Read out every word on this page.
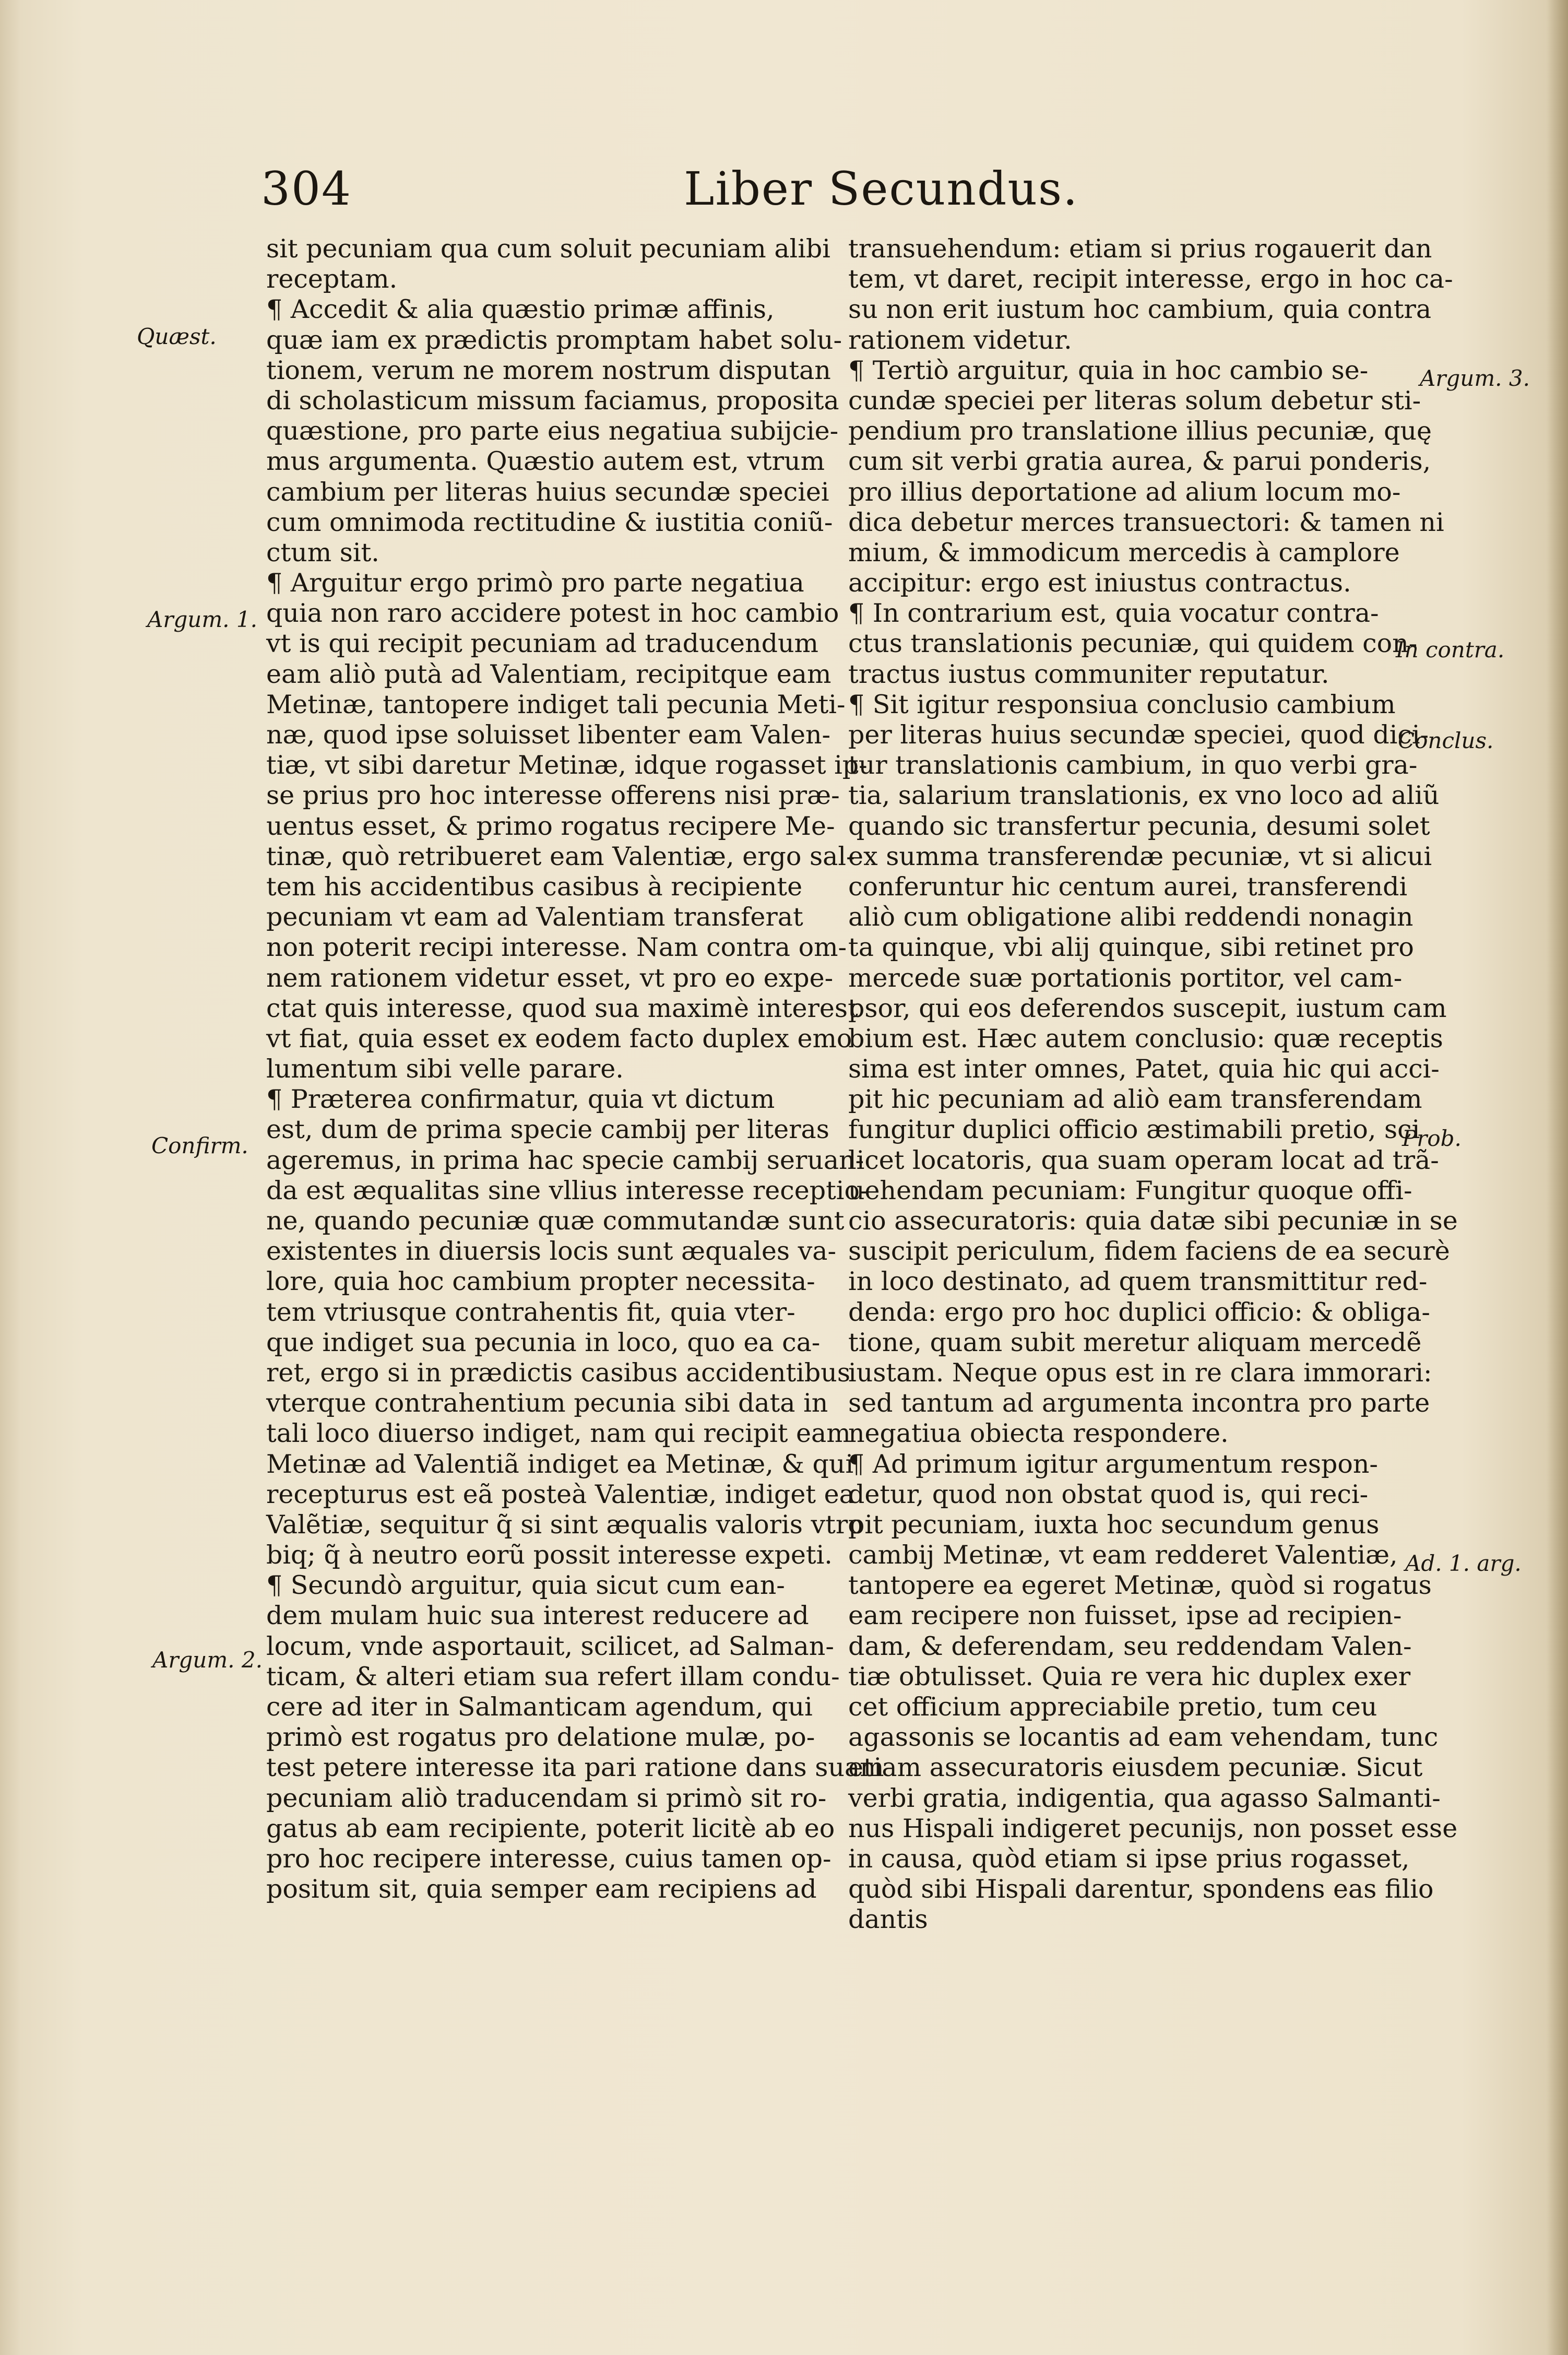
304	Liber Secundus.
sit pecuniam qua cum soluit pecuniam alibi
receptam.
¶ Accedit & alia quæstio primæ affinis,
quæ iam ex prædictis promptam habet solu-
tionem, verum ne morem nostrum disputan
di scholasticum missum faciamus, proposita
quæstione, pro parte eius negatiua subijcie-
mus argumenta. Quæstio autem est, vtrum
cambium per literas huius secundæ speciei
cum omnimoda rectitudine & iustitia coniũ-
ctum sit.
¶ Arguitur ergo primò pro parte negatiua
quia non raro accidere potest in hoc cambio
vt is qui recipit pecuniam ad traducendum
eam aliò putà ad Valentiam, recipitque eam
Metinæ, tantopere indiget tali pecunia Meti-
næ, quod ipse soluisset libenter eam Valen-
tiæ, vt sibi daretur Metinæ, idque rogasset ip-
se prius pro hoc interesse offerens nisi præ-
uentus esset, & primo rogatus recipere Me-
tinæ, quò retribueret eam Valentiæ, ergo sal-
tem his accidentibus casibus à recipiente
pecuniam vt eam ad Valentiam transferat
non poterit recipi interesse. Nam contra om-
nem rationem videtur esset, vt pro eo expe-
ctat quis interesse, quod sua maximè interest
vt fiat, quia esset ex eodem facto duplex emo
lumentum sibi velle parare.
¶ Præterea confirmatur, quia vt dictum
est, dum de prima specie cambij per literas
ageremus, in prima hac specie cambij seruan-
da est æqualitas sine vllius interesse receptio-
ne, quando pecuniæ quæ commutandæ sunt
existentes in diuersis locis sunt æquales va-
lore, quia hoc cambium propter necessita-
tem vtriusque contrahentis fit, quia vter-
que indiget sua pecunia in loco, quo ea ca-
ret, ergo si in prædictis casibus accidentibus
vterque contrahentium pecunia sibi data in
tali loco diuerso indiget, nam qui recipit eam
Metinæ ad Valentiã indiget ea Metinæ, & qui
recepturus est eã posteà Valentiæ, indiget ea
Valẽtiæ, sequitur q̃ si sint æqualis valoris vtro
biq; q̃ à neutro eorũ possit interesse expeti.
¶ Secundò arguitur, quia sicut cum ean-
dem mulam huic sua interest reducere ad
locum, vnde asportauit, scilicet, ad Salman-
ticam, & alteri etiam sua refert illam condu-
cere ad iter in Salmanticam agendum, qui
primò est rogatus pro delatione mulæ, po-
test petere interesse ita pari ratione dans suam
pecuniam aliò traducendam si primò sit ro-
gatus ab eam recipiente, poterit licitè ab eo
pro hoc recipere interesse, cuius tamen op-
positum sit, quia semper eam recipiens ad
transuehendum: etiam si prius rogauerit dan
tem, vt daret, recipit interesse, ergo in hoc ca-
su non erit iustum hoc cambium, quia contra
rationem videtur.
¶ Tertiò arguitur, quia in hoc cambio se-
cundæ speciei per literas solum debetur sti-
pendium pro translatione illius pecuniæ, quę
cum sit verbi gratia aurea, & parui ponderis,
pro illius deportatione ad alium locum mo-
dica debetur merces transuectori: & tamen ni
mium, & immodicum mercedis à camplore
accipitur: ergo est iniustus contractus.
¶ In contrarium est, quia vocatur contra-
ctus translationis pecuniæ, qui quidem con-
tractus iustus communiter reputatur.
¶ Sit igitur responsiua conclusio cambium
per literas huius secundæ speciei, quod dici-
tur translationis cambium, in quo verbi gra-
tia, salarium translationis, ex vno loco ad aliũ
quando sic transfertur pecunia, desumi solet
ex summa transferendæ pecuniæ, vt si alicui
conferuntur hic centum aurei, transferendi
aliò cum obligatione alibi reddendi nonagin
ta quinque, vbi alij quinque, sibi retinet pro
mercede suæ portationis portitor, vel cam-
psor, qui eos deferendos suscepit, iustum cam
bium est. Hæc autem conclusio: quæ receptis
sima est inter omnes, Patet, quia hic qui acci-
pit hic pecuniam ad aliò eam transferendam
fungitur duplici officio æstimabili pretio, sci
licet locatoris, qua suam operam locat ad trã-
uehendam pecuniam: Fungitur quoque offi-
cio assecuratoris: quia datæ sibi pecuniæ in se
suscipit periculum, fidem faciens de ea securè
in loco destinato, ad quem transmittitur red-
denda: ergo pro hoc duplici officio: & obliga-
tione, quam subit meretur aliquam mercedẽ
iustam. Neque opus est in re clara immorari:
sed tantum ad argumenta incontra pro parte
negatiua obiecta respondere.
¶ Ad primum igitur argumentum respon-
detur, quod non obstat quod is, qui reci-
pit pecuniam, iuxta hoc secundum genus
cambij Metinæ, vt eam redderet Valentiæ,
tantopere ea egeret Metinæ, quòd si rogatus
eam recipere non fuisset, ipse ad recipien-
dam, & deferendam, seu reddendam Valen-
tiæ obtulisset. Quia re vera hic duplex exer
cet officium appreciabile pretio, tum ceu
agassonis se locantis ad eam vehendam, tunc
etiam assecuratoris eiusdem pecuniæ. Sicut
verbi gratia, indigentia, qua agasso Salmanti-
nus Hispali indigeret pecunijs, non posset esse
in causa, quòd etiam si ipse prius rogasset,
quòd sibi Hispali darentur, spondens eas filio
dantis
Quæst.
Argum. 1.
Confirm.
Argum. 2.
Argum. 3.
In contra.
Conclus.
Prob.
Ad. 1. arg.
